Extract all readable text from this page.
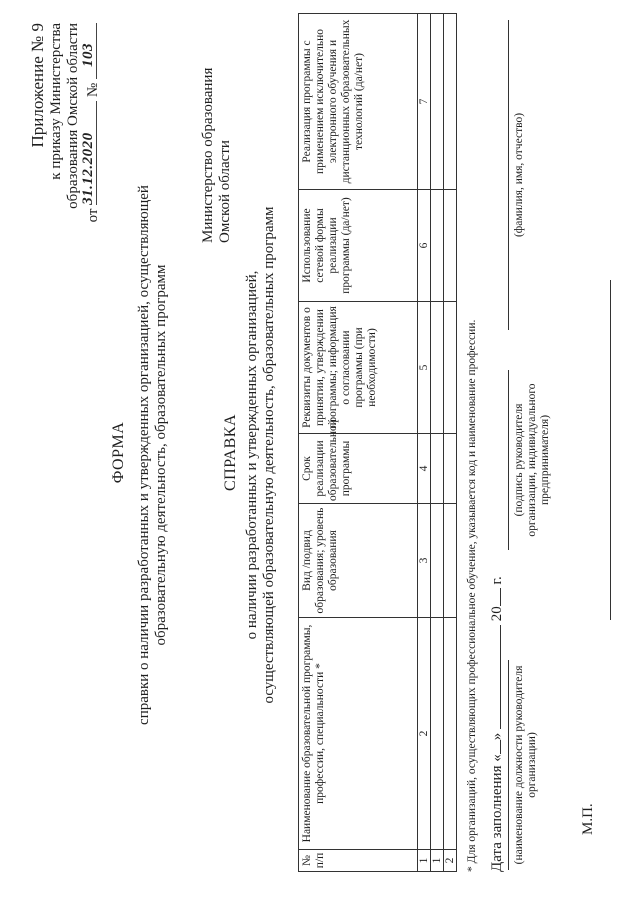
Приложение № 9 к приказу Министерства образования Омской области
от
31.12.2020
№
103
Министерство образования Омской области
ФОРМА справки о наличии разработанных и утвержденных организацией, осуществляющей образовательную деятельность, образовательных программ	СПРАВКА о наличии разработанных и утвержденных организацией, осуществляющей образовательную деятельность, образовательных программ
№ п/п	Наименование образовательной программы, профессии, специальности *	Вид /подвид образования; уровень образования	Срок реализации образовательной программы	Реквизиты документов о принятии, утверждении программы; информация о согласовании программы (при необходимости)	Использование сетевой формы реализации программы (да/нет)	Реализация программы с применением исключительно электронного обучения и дистанционных образовательных технологий (да/нет)
1	2	3	4	5	6	7
1						
2						* Для организаций, осуществляющих профессиональное обучение, указывается код и наименование профессии. Дата заполнения «»  20 г.
(наименование должности руководителя организации)
(подпись руководителя организации, индивидуального предпринимателя)
(фамилия, имя, отчество)
М.П.
